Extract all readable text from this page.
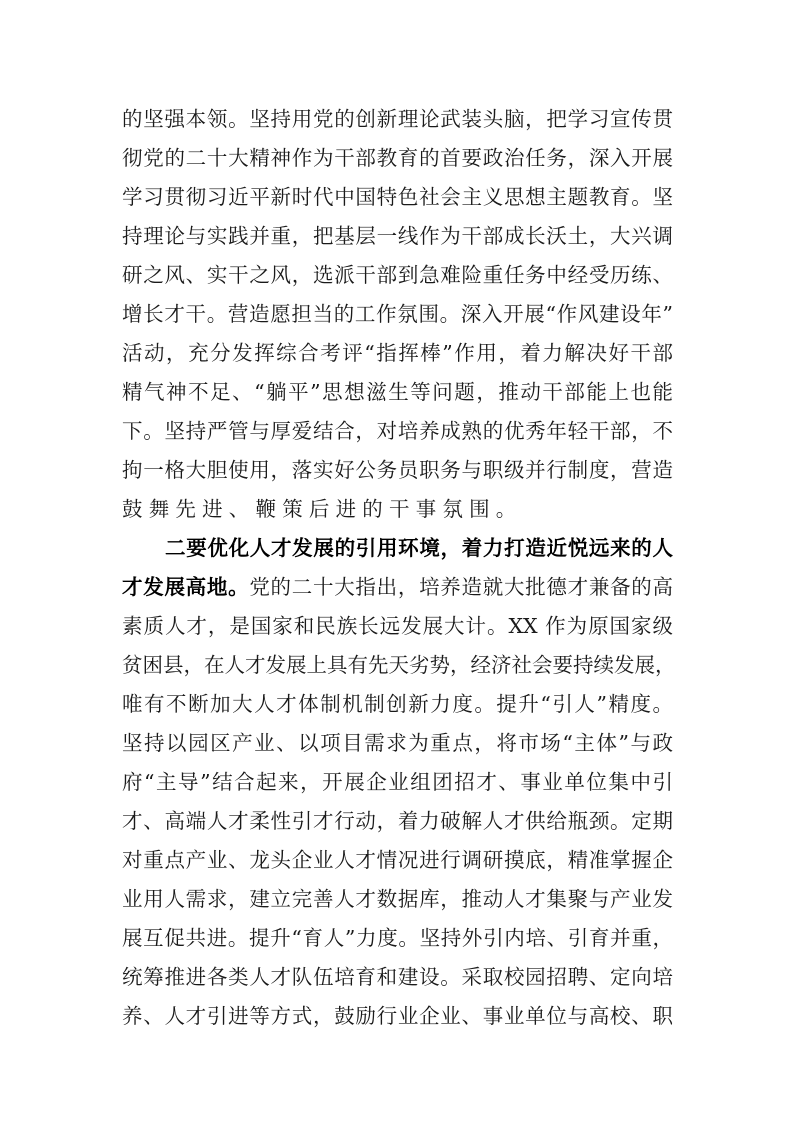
的坚强本领。坚持用党的创新理论武装头脑，把学习宣传贯
彻党的二十大精神作为干部教育的首要政治任务，深入开展
学习贯彻习近平新时代中国特色社会主义思想主题教育。坚
持理论与实践并重，把基层一线作为干部成长沃土，大兴调
研之风、实干之风，选派干部到急难险重任务中经受历练、
增长才干。营造愿担当的工作氛围。深入开展“作风建设年”
活动，充分发挥综合考评“指挥棒”作用，着力解决好干部
精气神不足、“躺平”思想滋生等问题，推动干部能上也能
下。坚持严管与厚爱结合，对培养成熟的优秀年轻干部，不
拘一格大胆使用，落实好公务员职务与职级并行制度，营造
鼓舞先进、鞭策后进的干事氛围。
二要优化人才发展的引用环境，着力打造近悦远来的人
才发展高地。党的二十大指出，培养造就大批德才兼备的高
素质人才，是国家和民族长远发展大计。XX 作为原国家级
贫困县，在人才发展上具有先天劣势，经济社会要持续发展，
唯有不断加大人才体制机制创新力度。提升“引人”精度。
坚持以园区产业、以项目需求为重点，将市场“主体”与政
府“主导”结合起来，开展企业组团招才、事业单位集中引
才、高端人才柔性引才行动，着力破解人才供给瓶颈。定期
对重点产业、龙头企业人才情况进行调研摸底，精准掌握企
业用人需求，建立完善人才数据库，推动人才集聚与产业发
展互促共进。提升“育人”力度。坚持外引内培、引育并重，
统筹推进各类人才队伍培育和建设。采取校园招聘、定向培
养、人才引进等方式，鼓励行业企业、事业单位与高校、职
